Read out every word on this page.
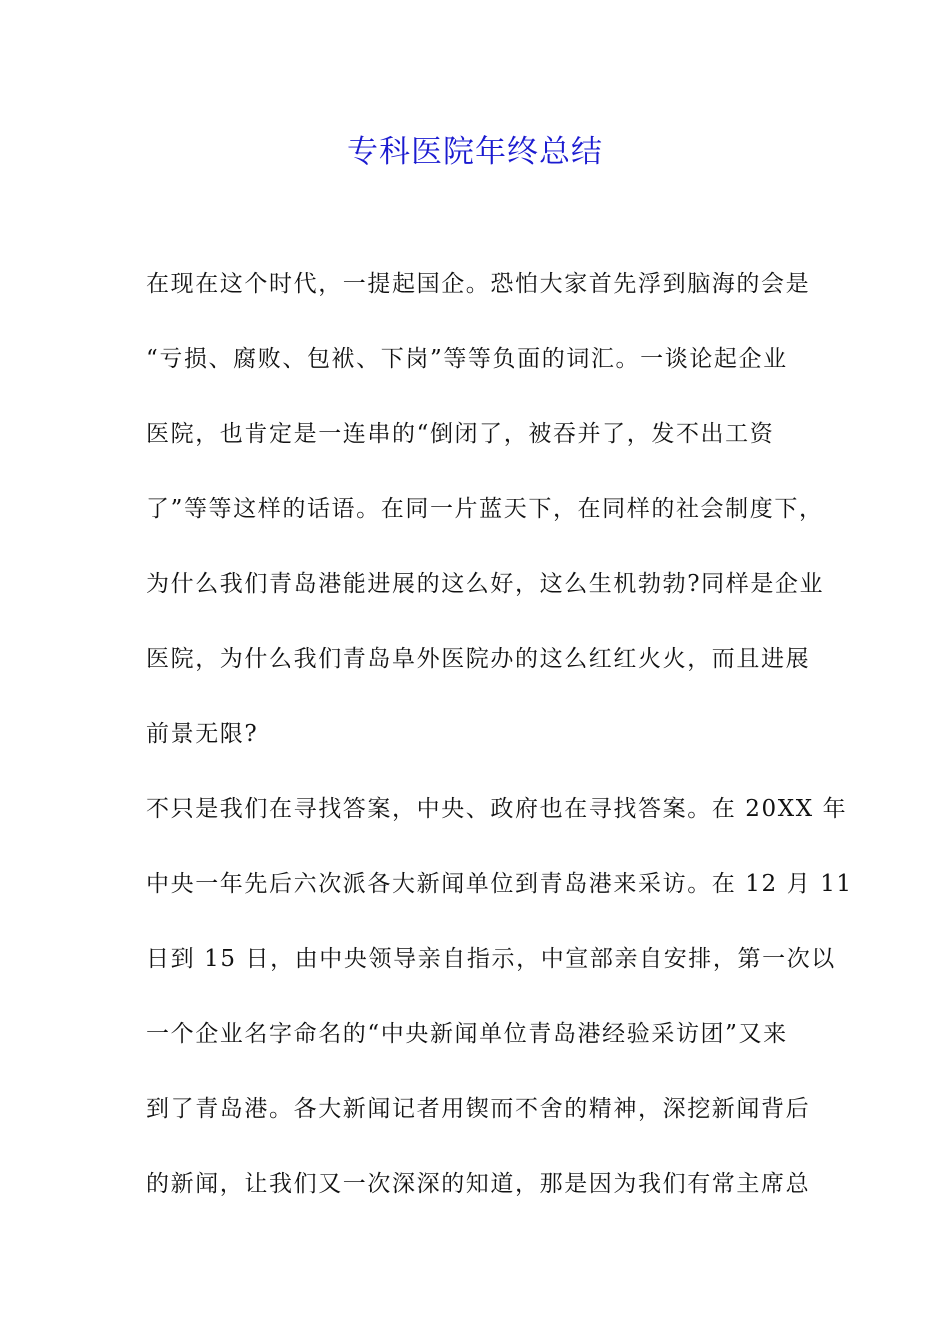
专科医院年终总结
在现在这个时代，一提起国企。恐怕大家首先浮到脑海的会是
“亏损、腐败、包袱、下岗”等等负面的词汇。一谈论起企业
医院，也肯定是一连串的“倒闭了，被吞并了，发不出工资
了”等等这样的话语。在同一片蓝天下，在同样的社会制度下，
为什么我们青岛港能进展的这么好，这么生机勃勃?同样是企业
医院，为什么我们青岛阜外医院办的这么红红火火，而且进展
前景无限?
不只是我们在寻找答案，中央、政府也在寻找答案。在 20XX 年
中央一年先后六次派各大新闻单位到青岛港来采访。在 12 月 11
日到 15 日，由中央领导亲自指示，中宣部亲自安排，第一次以
一个企业名字命名的“中央新闻单位青岛港经验采访团”又来
到了青岛港。各大新闻记者用锲而不舍的精神，深挖新闻背后
的新闻，让我们又一次深深的知道，那是因为我们有常主席总
